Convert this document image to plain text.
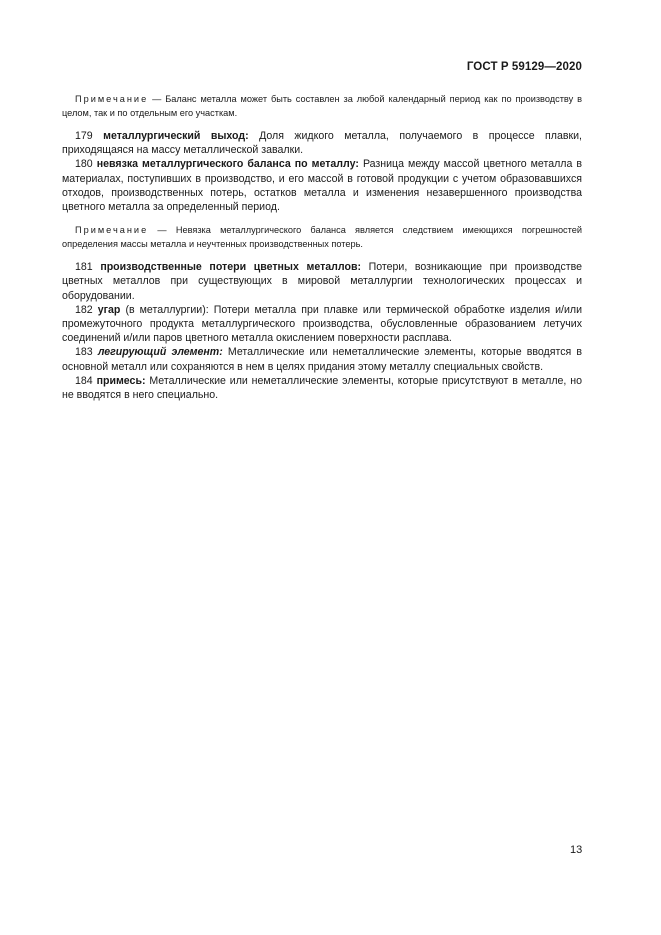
ГОСТ Р 59129—2020

Примечание — Баланс металла может быть составлен за любой календарный период как по производству в целом, так и по отдельным его участкам.

179 металлургический выход: Доля жидкого металла, получаемого в процессе плавки, приходящаяся на массу металлической завалки.

180 невязка металлургического баланса по металлу: Разница между массой цветного металла в материалах, поступивших в производство, и его массой в готовой продукции с учетом образовавшихся отходов, производственных потерь, остатков металла и изменения незавершенного производства цветного металла за определенный период.

Примечание — Невязка металлургического баланса является следствием имеющихся погрешностей определения массы металла и неучтенных производственных потерь.

181 производственные потери цветных металлов: Потери, возникающие при производстве цветных металлов при существующих в мировой металлургии технологических процессах и оборудовании.

182 угар (в металлургии): Потери металла при плавке или термической обработке изделия и/или промежуточного продукта металлургического производства, обусловленные образованием летучих соединений и/или паров цветного металла окислением поверхности расплава.

183 легирующий элемент: Металлические или неметаллические элементы, которые вводятся в основной металл или сохраняются в нем в целях придания этому металлу специальных свойств.

184 примесь: Металлические или неметаллические элементы, которые присутствуют в металле, но не вводятся в него специально.

13
